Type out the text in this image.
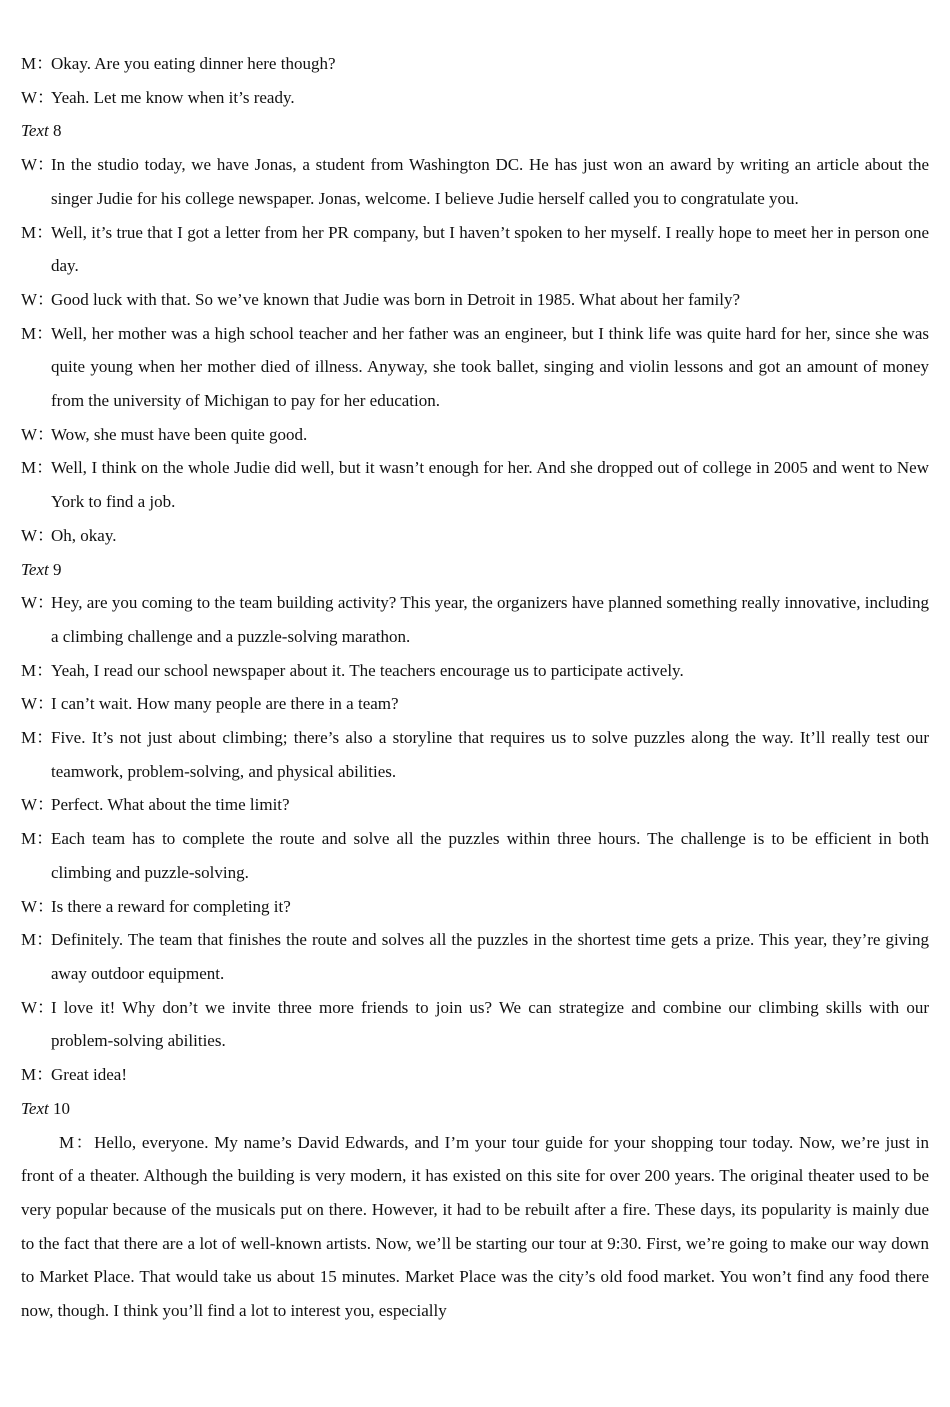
M：Okay. Are you eating dinner here though?
W：Yeah. Let me know when it’s ready.
Text 8
W：In the studio today, we have Jonas, a student from Washington DC. He has just won an award by writing an article about the singer Judie for his college newspaper. Jonas, welcome. I believe Judie herself called you to congratulate you.
M：Well, it’s true that I got a letter from her PR company, but I haven’t spoken to her myself. I really hope to meet her in person one day.
W：Good luck with that. So we’ve known that Judie was born in Detroit in 1985. What about her family?
M：Well, her mother was a high school teacher and her father was an engineer, but I think life was quite hard for her, since she was quite young when her mother died of illness. Anyway, she took ballet, singing and violin lessons and got an amount of money from the university of Michigan to pay for her education.
W：Wow, she must have been quite good.
M：Well, I think on the whole Judie did well, but it wasn’t enough for her. And she dropped out of college in 2005 and went to New York to find a job.
W：Oh, okay.
Text 9
W：Hey, are you coming to the team building activity? This year, the organizers have planned something really innovative, including a climbing challenge and a puzzle-solving marathon.
M：Yeah, I read our school newspaper about it. The teachers encourage us to participate actively.
W：I can’t wait. How many people are there in a team?
M：Five. It’s not just about climbing; there’s also a storyline that requires us to solve puzzles along the way. It’ll really test our teamwork, problem-solving, and physical abilities.
W：Perfect. What about the time limit?
M：Each team has to complete the route and solve all the puzzles within three hours. The challenge is to be efficient in both climbing and puzzle-solving.
W：Is there a reward for completing it?
M：Definitely. The team that finishes the route and solves all the puzzles in the shortest time gets a prize. This year, they’re giving away outdoor equipment.
W：I love it! Why don’t we invite three more friends to join us? We can strategize and combine our climbing skills with our problem-solving abilities.
M：Great idea!
Text 10
M：Hello, everyone. My name’s David Edwards, and I’m your tour guide for your shopping tour today. Now, we’re just in front of a theater. Although the building is very modern, it has existed on this site for over 200 years. The original theater used to be very popular because of the musicals put on there. However, it had to be rebuilt after a fire. These days, its popularity is mainly due to the fact that there are a lot of well-known artists. Now, we’ll be starting our tour at 9:30. First, we’re going to make our way down to Market Place. That would take us about 15 minutes. Market Place was the city’s old food market. You won’t find any food there now, though. I think you’ll find a lot to interest you, especially
